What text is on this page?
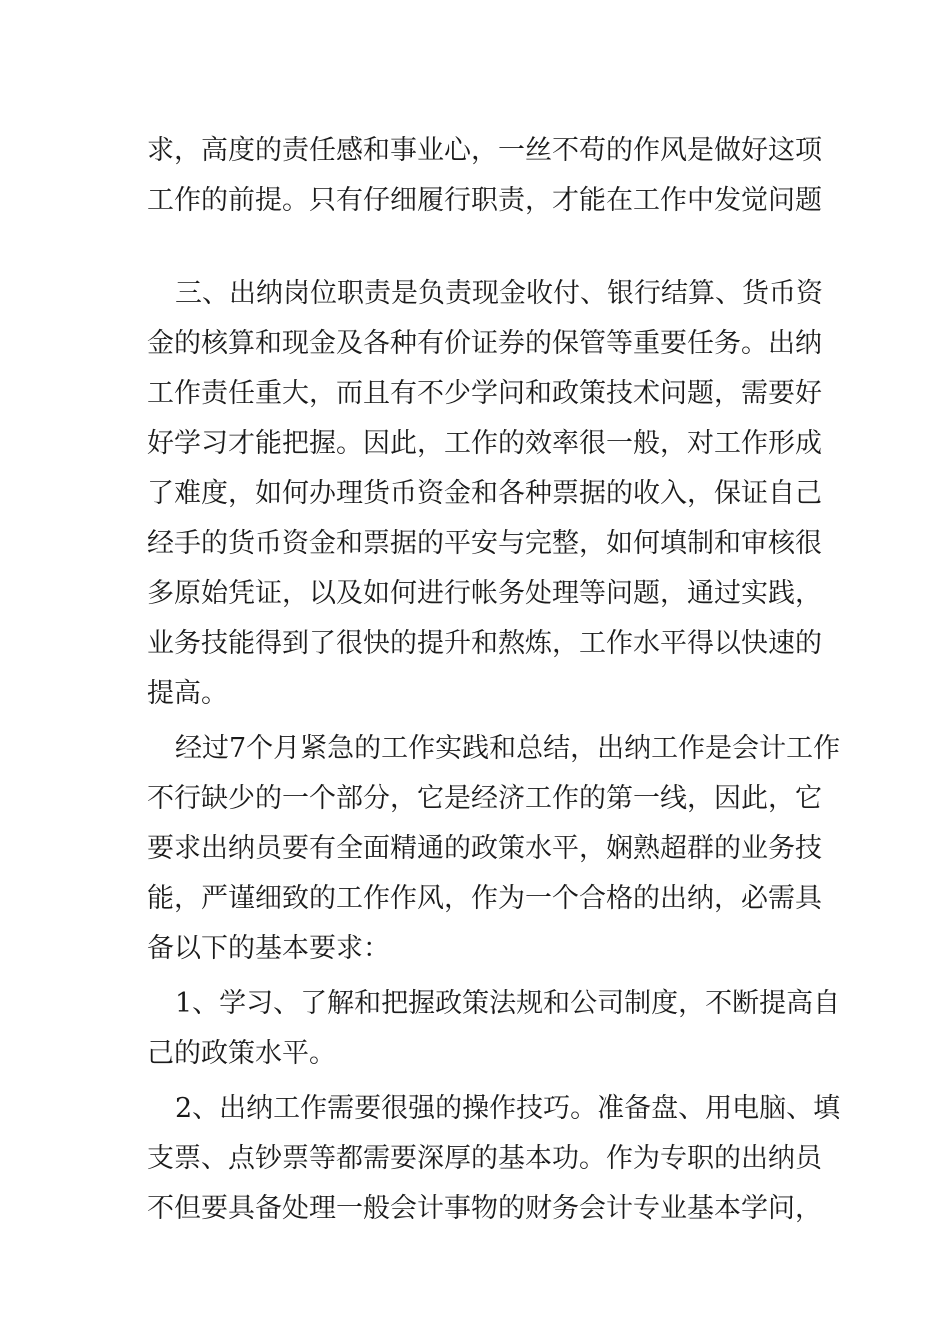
求，高度的责任感和事业心，一丝不苟的作风是做好这项
工作的前提。只有仔细履行职责，才能在工作中发觉问题
三、出纳岗位职责是负责现金收付、银行结算、货币资
金的核算和现金及各种有价证券的保管等重要任务。出纳
工作责任重大，而且有不少学问和政策技术问题，需要好
好学习才能把握。因此，工作的效率很一般，对工作形成
了难度，如何办理货币资金和各种票据的收入，保证自己
经手的货币资金和票据的平安与完整，如何填制和审核很
多原始凭证，以及如何进行帐务处理等问题，通过实践，
业务技能得到了很快的提升和熬炼，工作水平得以快速的
提高。
经过7个月紧急的工作实践和总结，出纳工作是会计工作
不行缺少的一个部分，它是经济工作的第一线，因此，它
要求出纳员要有全面精通的政策水平，娴熟超群的业务技
能，严谨细致的工作作风，作为一个合格的出纳，必需具
备以下的基本要求：
1、学习、了解和把握政策法规和公司制度，不断提高自
己的政策水平。
2、出纳工作需要很强的操作技巧。准备盘、用电脑、填
支票、点钞票等都需要深厚的基本功。作为专职的出纳员
不但要具备处理一般会计事物的财务会计专业基本学问，
